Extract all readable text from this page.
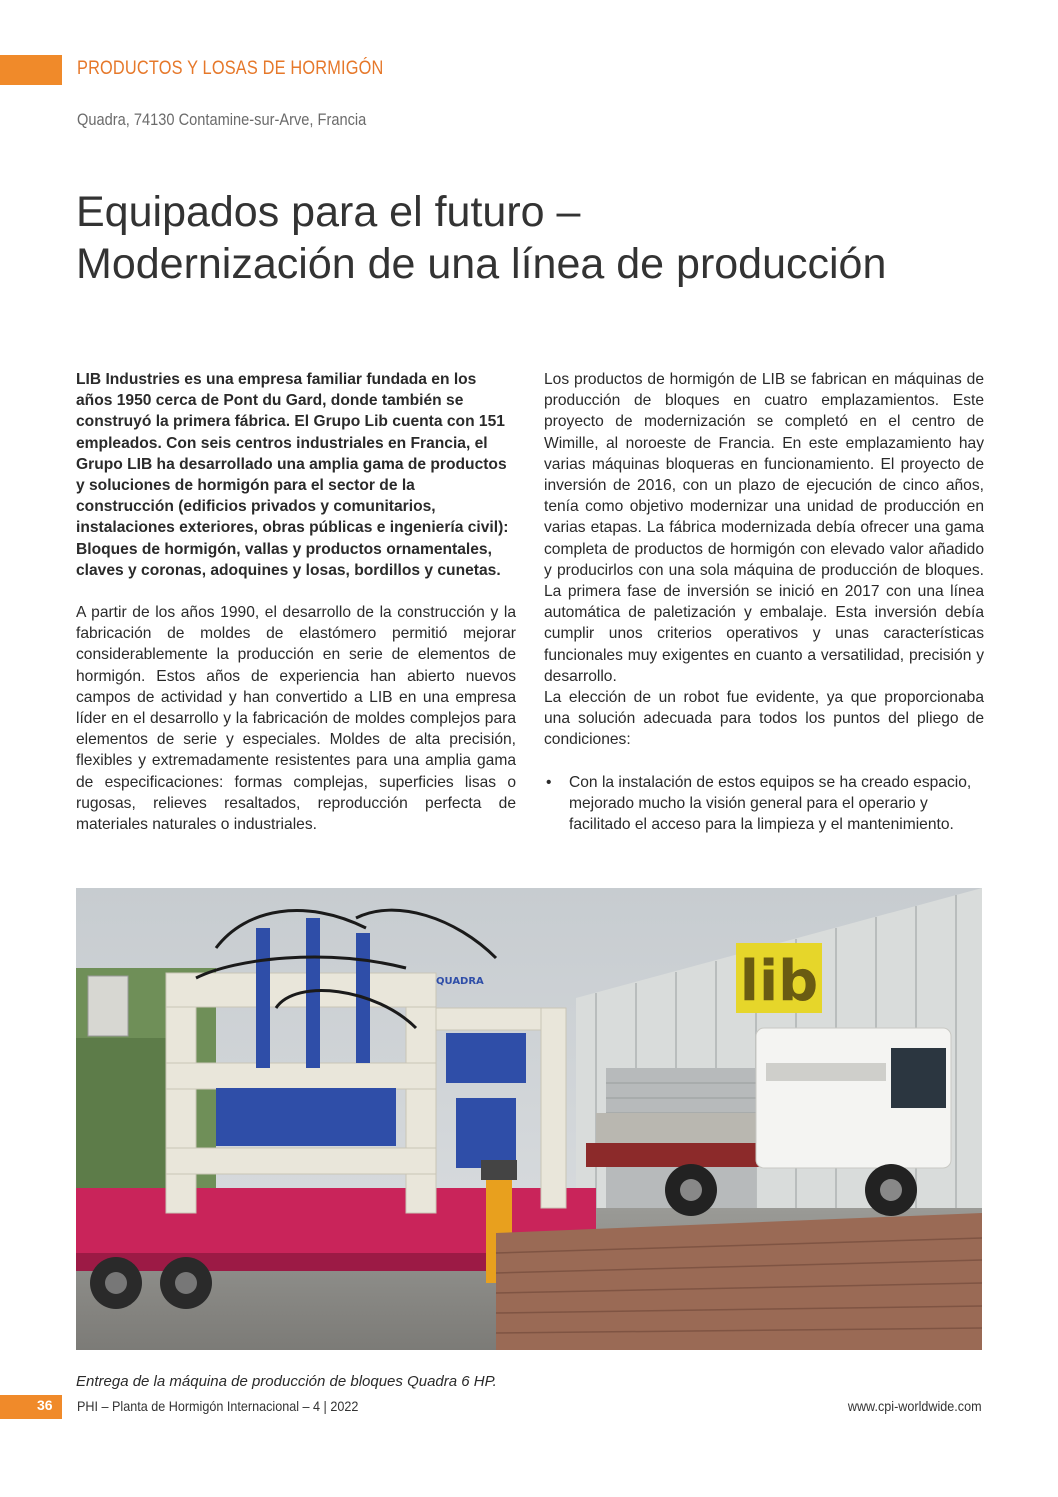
PRODUCTOS Y LOSAS DE HORMIGÓN
Quadra, 74130 Contamine-sur-Arve, Francia
Equipados para el futuro –
Modernización de una línea de producción

LIB Industries es una empresa familiar fundada en los años 1950 cerca de Pont du Gard, donde también se construyó la primera fábrica. El Grupo Lib cuenta con 151 empleados. Con seis centros industriales en Francia, el Grupo LIB ha desarrollado una amplia gama de productos y soluciones de hormigón para el sector de la construcción (edificios privados y comunitarios, instalaciones exteriores, obras públicas e ingeniería civil): Bloques de hormigón, vallas y productos ornamentales, claves y coronas, adoquines y losas, bordillos y cunetas.

A partir de los años 1990, el desarrollo de la construcción y la fabricación de moldes de elastómero permitió mejorar considerablemente la producción en serie de elementos de hormigón. Estos años de experiencia han abierto nuevos campos de actividad y han convertido a LIB en una empresa líder en el desarrollo y la fabricación de moldes complejos para elementos de serie y especiales. Moldes de alta precisión, flexibles y extremadamente resistentes para una amplia gama de especificaciones: formas complejas, superficies lisas o rugosas, relieves resaltados, reproducción perfecta de materiales naturales o industriales.

Los productos de hormigón de LIB se fabrican en máquinas de producción de bloques en cuatro emplazamientos. Este proyecto de modernización se completó en el centro de Wimille, al noroeste de Francia. En este emplazamiento hay varias máquinas bloqueras en funcionamiento. El proyecto de inversión de 2016, con un plazo de ejecución de cinco años, tenía como objetivo modernizar una unidad de producción en varias etapas. La fábrica modernizada debía ofrecer una gama completa de productos de hormigón con elevado valor añadido y producirlos con una sola máquina de producción de bloques. La primera fase de inversión se inició en 2017 con una línea automática de paletización y embalaje. Esta inversión debía cumplir unos criterios operativos y unas características funcionales muy exigentes en cuanto a versatilidad, precisión y desarrollo.

La elección de un robot fue evidente, ya que proporcionaba una solución adecuada para todos los puntos del pliego de condiciones:

• Con la instalación de estos equipos se ha creado espacio, mejorado mucho la visión general para el operario y facilitado el acceso para la limpieza y el mantenimiento.
lib
QUADRA
Entrega de la máquina de producción de bloques Quadra 6 HP.
36 PHI – Planta de Hormigón Internacional – 4 | 2022	www.cpi-worldwide.com
